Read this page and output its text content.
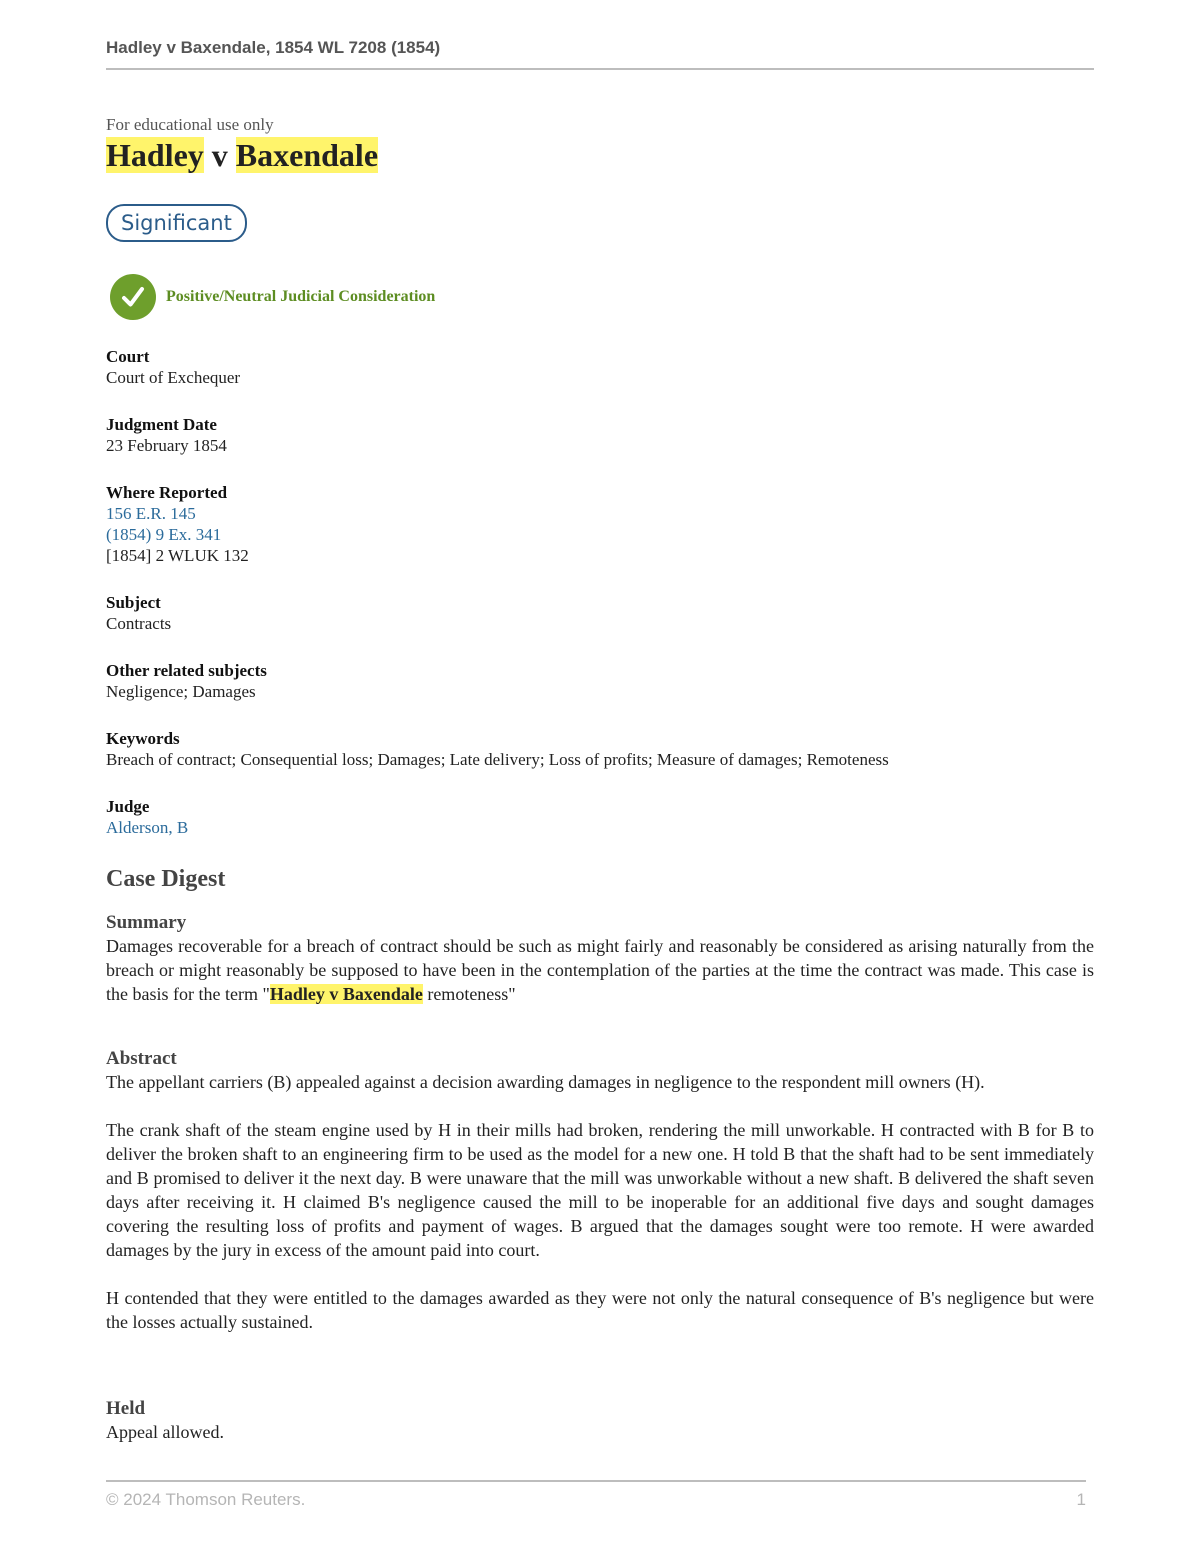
Hadley v Baxendale, 1854 WL 7208 (1854)

For educational use only

Hadley v Baxendale
Significant
Positive/Neutral Judicial Consideration
Court
Court of Exchequer
Judgment Date
23 February 1854
Where Reported
156 E.R. 145
(1854) 9 Ex. 341
[1854] 2 WLUK 132
Subject
Contracts
Other related subjects
Negligence; Damages
Keywords
Breach of contract; Consequential loss; Damages; Late delivery; Loss of profits; Measure of damages; Remoteness
Judge
Alderson, B
Case Digest
Summary

Damages recoverable for a breach of contract should be such as might fairly and reasonably be considered as arising naturally from the breach or might reasonably be supposed to have been in the contemplation of the parties at the time the contract was made. This case is the basis for the term "Hadley v Baxendale remoteness"

Abstract

The appellant carriers (B) appealed against a decision awarding damages in negligence to the respondent mill owners (H).

The crank shaft of the steam engine used by H in their mills had broken, rendering the mill unworkable. H contracted with B for B to deliver the broken shaft to an engineering firm to be used as the model for a new one. H told B that the shaft had to be sent immediately and B promised to deliver it the next day. B were unaware that the mill was unworkable without a new shaft. B delivered the shaft seven days after receiving it. H claimed B's negligence caused the mill to be inoperable for an additional five days and sought damages covering the resulting loss of profits and payment of wages. B argued that the damages sought were too remote. H were awarded damages by the jury in excess of the amount paid into court.

H contended that they were entitled to the damages awarded as they were not only the natural consequence of B's negligence but were the losses actually sustained.

Held

Appeal allowed.

© 2024 Thomson Reuters.	1
